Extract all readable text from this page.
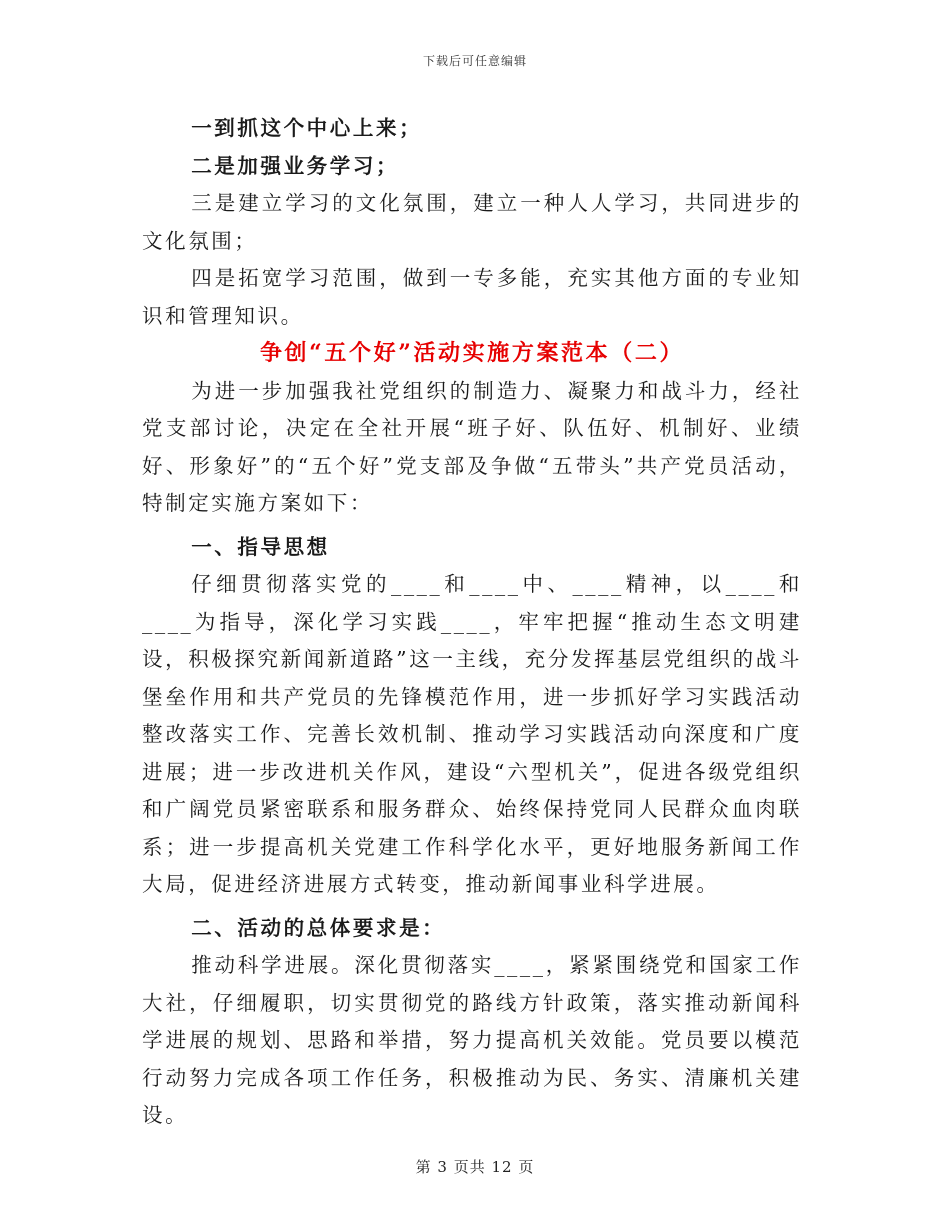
下载后可任意编辑

一到抓这个中心上来；

二是加强业务学习；

三是建立学习的文化氛围，建立一种人人学习，共同进步的文化氛围；

四是拓宽学习范围，做到一专多能，充实其他方面的专业知识和管理知识。

争创“五个好”活动实施方案范本（二）

为进一步加强我社党组织的制造力、凝聚力和战斗力，经社党支部讨论，决定在全社开展“班子好、队伍好、机制好、业绩好、形象好”的“五个好”党支部及争做“五带头”共产党员活动，特制定实施方案如下：

一、指导思想

仔细贯彻落实党的____和____中、____精神，以____和____为指导，深化学习实践____，牢牢把握“推动生态文明建设，积极探究新闻新道路”这一主线，充分发挥基层党组织的战斗堡垒作用和共产党员的先锋模范作用，进一步抓好学习实践活动整改落实工作、完善长效机制、推动学习实践活动向深度和广度进展；进一步改进机关作风，建设“六型机关”，促进各级党组织和广阔党员紧密联系和服务群众、始终保持党同人民群众血肉联系；进一步提高机关党建工作科学化水平，更好地服务新闻工作大局，促进经济进展方式转变，推动新闻事业科学进展。

二、活动的总体要求是：

推动科学进展。深化贯彻落实____，紧紧围绕党和国家工作大社，仔细履职，切实贯彻党的路线方针政策，落实推动新闻科学进展的规划、思路和举措，努力提高机关效能。党员要以模范行动努力完成各项工作任务，积极推动为民、务实、清廉机关建设。

第 3 页共 12 页
